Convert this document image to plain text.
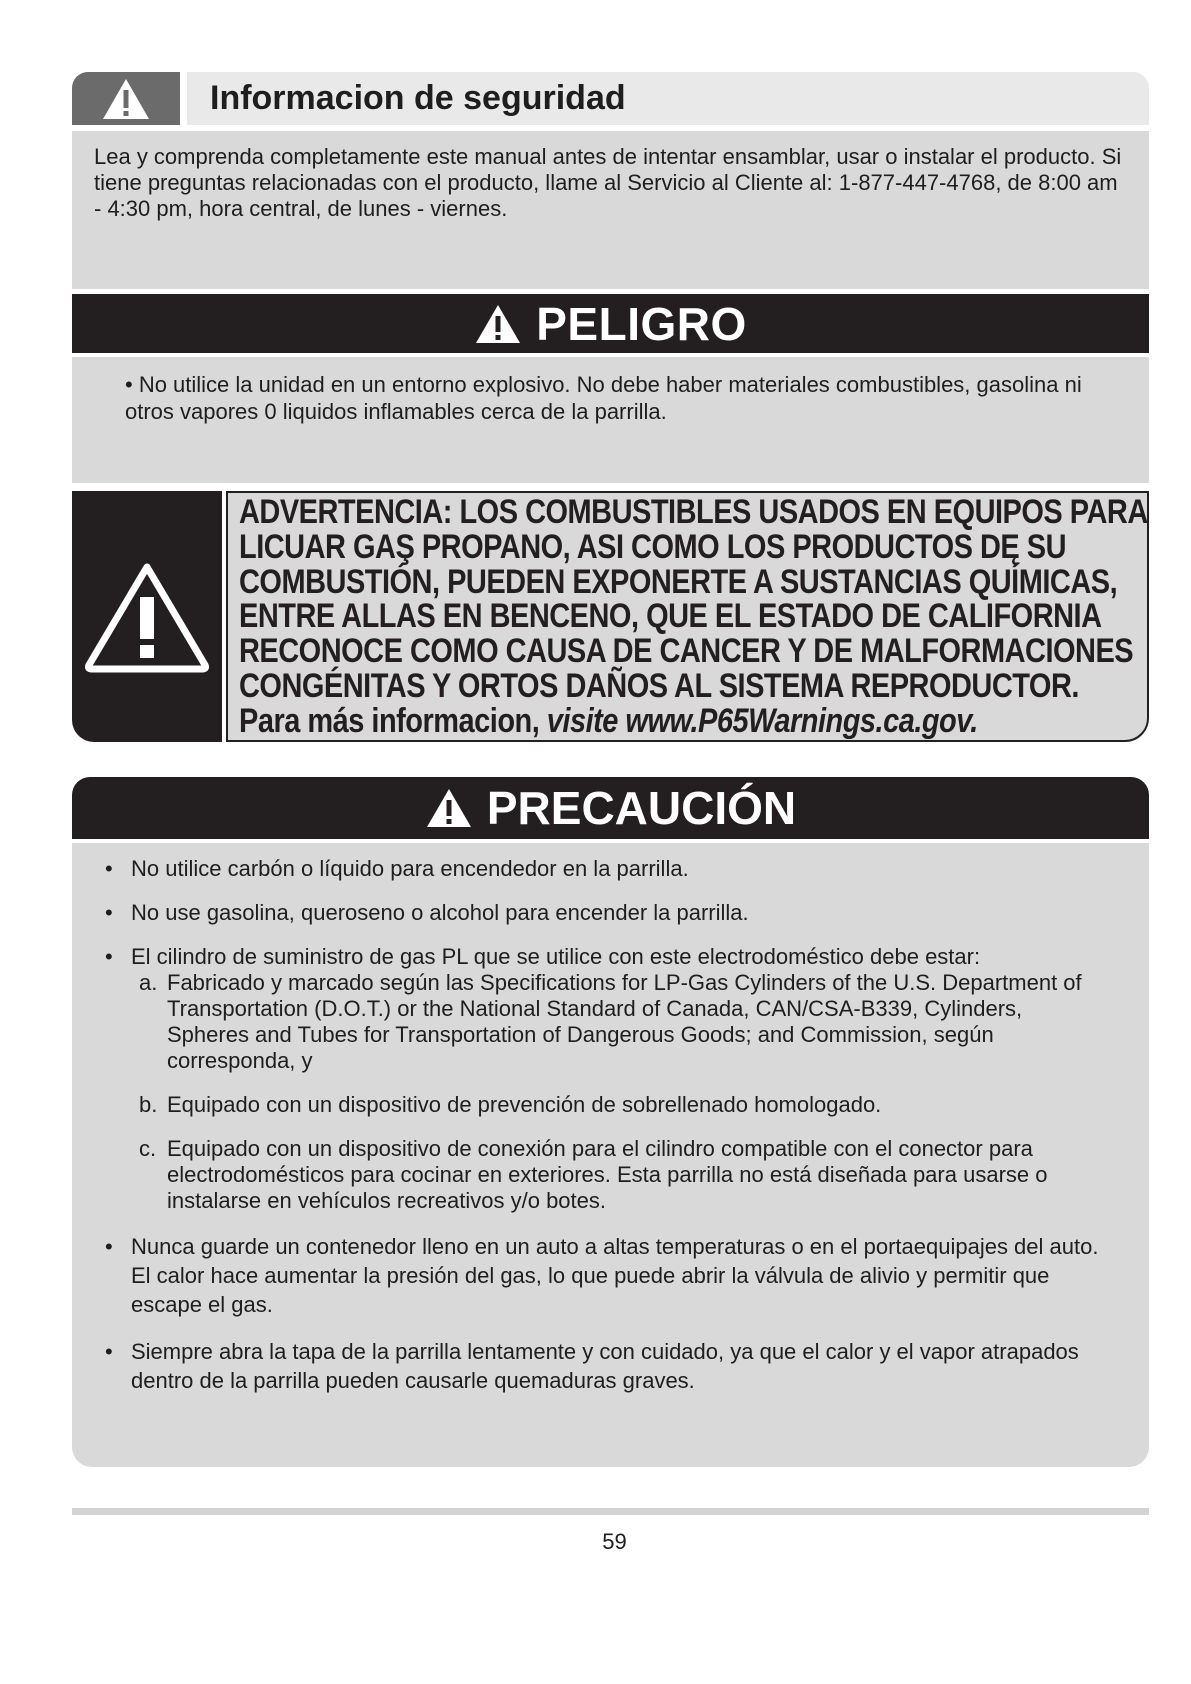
Informacion de seguridad
Lea y comprenda completamente este manual antes de intentar ensamblar, usar o instalar el producto. Si tiene preguntas relacionadas con el producto, llame al Servicio al Cliente al: 1-877-447-4768, de 8:00 am - 4:30 pm, hora central, de lunes - viernes.
PELIGRO
• No utilice la unidad en un entorno explosivo. No debe haber materiales combustibles, gasolina ni otros vapores 0 liquidos inflamables cerca de la parrilla.
ADVERTENCIA: LOS COMBUSTIBLES USADOS EN EQUIPOS PARA
LICUAR GAŞ PROPANO, ASI COMO LOS PRODUCTOS DĘ SU
COMBUSTIÓN, PUEDEN EXPONERTE A SUSTANCIAS QUÍMICAS,
ENTRE ALLAS EN BENCENO, QUE EL ESTADO DE CALIFORNIA
RECONOCE COMO CAUSA DE CANCER Y DE MALFORMACIONES
CONGÉNITAS Y ORTOS DAÑOS AL SISTEMA REPRODUCTOR.
Para más informacion, visite www.P65Warnings.ca.gov.
PRECAUCIÓN
• No utilice carbón o líquido para encendedor en la parrilla.
• No use gasolina, queroseno o alcohol para encender la parrilla.
• El cilindro de suministro de gas PL que se utilice con este electrodoméstico debe estar:
a. Fabricado y marcado según las Specifications for LP-Gas Cylinders of the U.S. Department of Transportation (D.O.T.) or the National Standard of Canada, CAN/CSA-B339, Cylinders, Spheres and Tubes for Transportation of Dangerous Goods; and Commission, según corresponda, y
b. Equipado con un dispositivo de prevención de sobrellenado homologado.
c. Equipado con un dispositivo de conexión para el cilindro compatible con el conector para electrodomésticos para cocinar en exteriores. Esta parrilla no está diseñada para usarse o instalarse en vehículos recreativos y/o botes.
• Nunca guarde un contenedor lleno en un auto a altas temperaturas o en el portaequipajes del auto. El calor hace aumentar la presión del gas, lo que puede abrir la válvula de alivio y permitir que escape el gas.
• Siempre abra la tapa de la parrilla lentamente y con cuidado, ya que el calor y el vapor atrapados dentro de la parrilla pueden causarle quemaduras graves.
59
